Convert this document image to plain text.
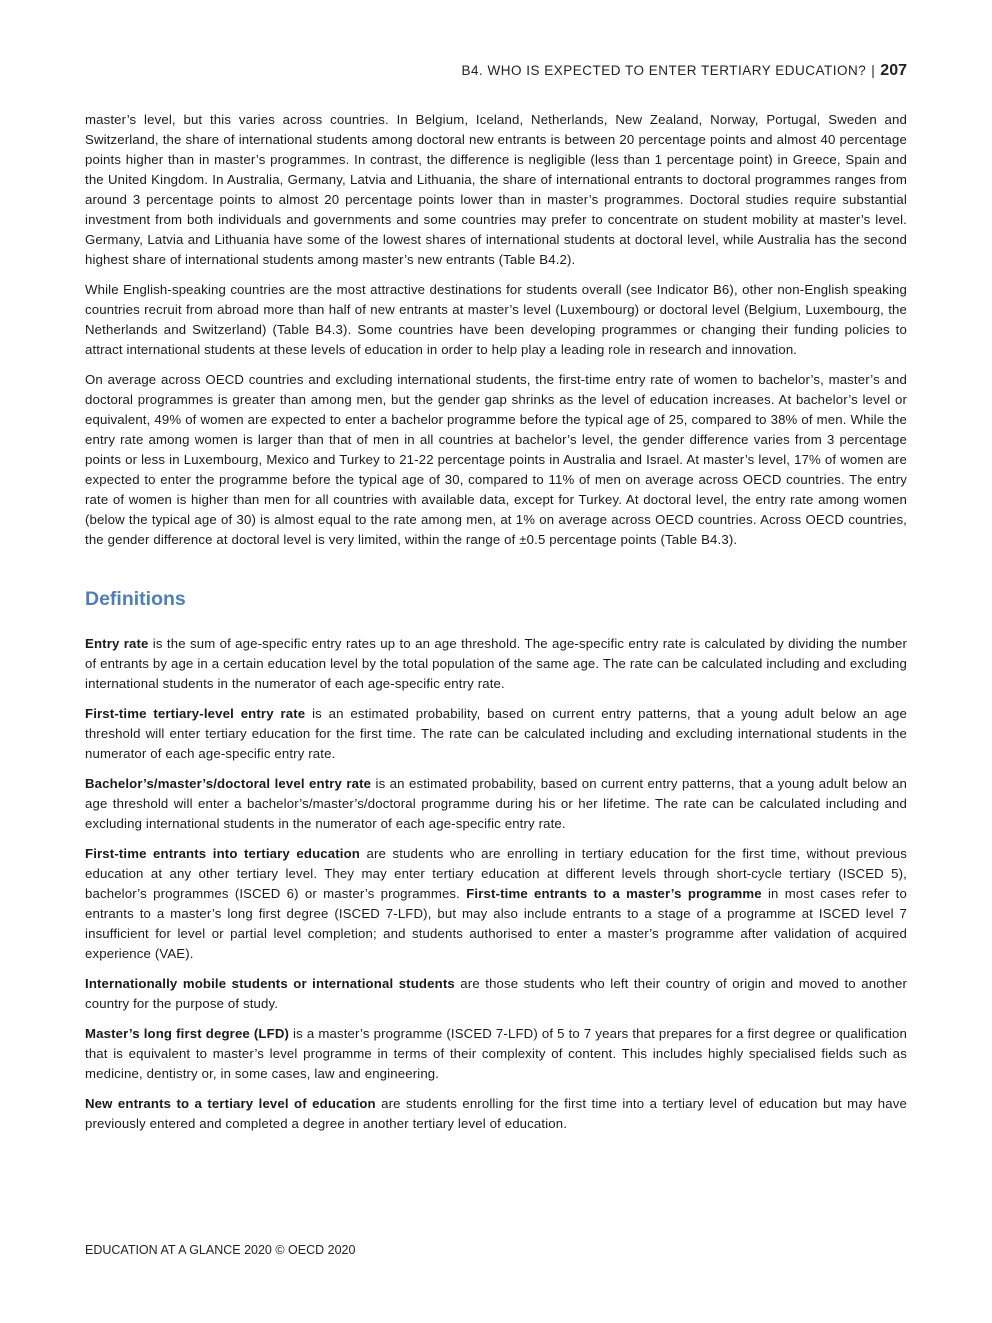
B4. WHO IS EXPECTED TO ENTER TERTIARY EDUCATION? | 207

master’s level, but this varies across countries. In Belgium, Iceland, Netherlands, New Zealand, Norway, Portugal, Sweden and Switzerland, the share of international students among doctoral new entrants is between 20 percentage points and almost 40 percentage points higher than in master’s programmes. In contrast, the difference is negligible (less than 1 percentage point) in Greece, Spain and the United Kingdom. In Australia, Germany, Latvia and Lithuania, the share of international entrants to doctoral programmes ranges from around 3 percentage points to almost 20 percentage points lower than in master’s programmes. Doctoral studies require substantial investment from both individuals and governments and some countries may prefer to concentrate on student mobility at master’s level. Germany, Latvia and Lithuania have some of the lowest shares of international students at doctoral level, while Australia has the second highest share of international students among master’s new entrants (Table B4.2).

While English-speaking countries are the most attractive destinations for students overall (see Indicator B6), other non-English speaking countries recruit from abroad more than half of new entrants at master’s level (Luxembourg) or doctoral level (Belgium, Luxembourg, the Netherlands and Switzerland) (Table B4.3). Some countries have been developing programmes or changing their funding policies to attract international students at these levels of education in order to help play a leading role in research and innovation.

On average across OECD countries and excluding international students, the first-time entry rate of women to bachelor’s, master’s and doctoral programmes is greater than among men, but the gender gap shrinks as the level of education increases. At bachelor’s level or equivalent, 49% of women are expected to enter a bachelor programme before the typical age of 25, compared to 38% of men. While the entry rate among women is larger than that of men in all countries at bachelor’s level, the gender difference varies from 3 percentage points or less in Luxembourg, Mexico and Turkey to 21-22 percentage points in Australia and Israel. At master’s level, 17% of women are expected to enter the programme before the typical age of 30, compared to 11% of men on average across OECD countries. The entry rate of women is higher than men for all countries with available data, except for Turkey. At doctoral level, the entry rate among women (below the typical age of 30) is almost equal to the rate among men, at 1% on average across OECD countries. Across OECD countries, the gender difference at doctoral level is very limited, within the range of ±0.5 percentage points (Table B4.3).

Definitions

Entry rate is the sum of age-specific entry rates up to an age threshold. The age-specific entry rate is calculated by dividing the number of entrants by age in a certain education level by the total population of the same age. The rate can be calculated including and excluding international students in the numerator of each age-specific entry rate.

First-time tertiary-level entry rate is an estimated probability, based on current entry patterns, that a young adult below an age threshold will enter tertiary education for the first time. The rate can be calculated including and excluding international students in the numerator of each age-specific entry rate.

Bachelor’s/master’s/doctoral level entry rate is an estimated probability, based on current entry patterns, that a young adult below an age threshold will enter a bachelor’s/master’s/doctoral programme during his or her lifetime. The rate can be calculated including and excluding international students in the numerator of each age-specific entry rate.

First-time entrants into tertiary education are students who are enrolling in tertiary education for the first time, without previous education at any other tertiary level. They may enter tertiary education at different levels through short-cycle tertiary (ISCED 5), bachelor’s programmes (ISCED 6) or master’s programmes. First-time entrants to a master’s programme in most cases refer to entrants to a master’s long first degree (ISCED 7-LFD), but may also include entrants to a stage of a programme at ISCED level 7 insufficient for level or partial level completion; and students authorised to enter a master’s programme after validation of acquired experience (VAE).

Internationally mobile students or international students are those students who left their country of origin and moved to another country for the purpose of study.

Master’s long first degree (LFD) is a master’s programme (ISCED 7-LFD) of 5 to 7 years that prepares for a first degree or qualification that is equivalent to master’s level programme in terms of their complexity of content. This includes highly specialised fields such as medicine, dentistry or, in some cases, law and engineering.

New entrants to a tertiary level of education are students enrolling for the first time into a tertiary level of education but may have previously entered and completed a degree in another tertiary level of education.

EDUCATION AT A GLANCE 2020 © OECD 2020
